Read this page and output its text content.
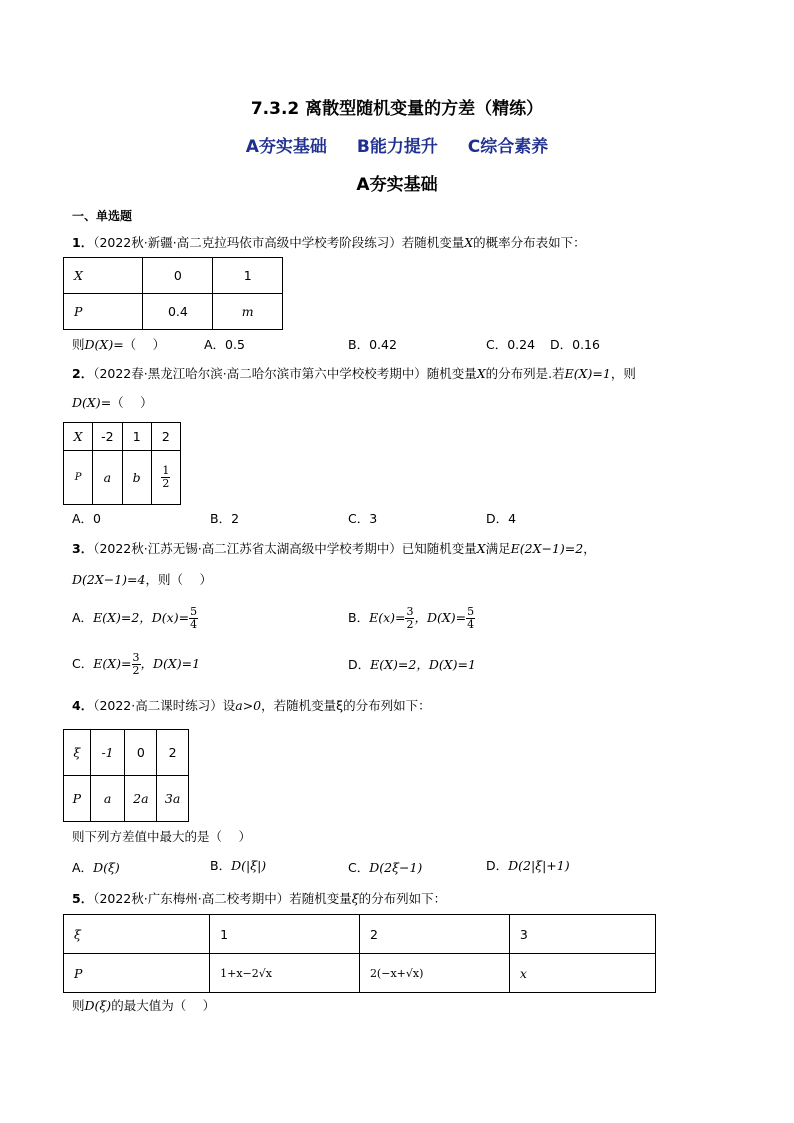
7.3.2 离散型随机变量的方差（精练）
A夯实基础 B能力提升 C综合素养
A夯实基础
一、单选题
1．（2022秋·新疆·高二克拉玛依市高级中学校考阶段练习）若随机变量X的概率分布表如下：
X	0	1
P	0.4	m
则D(X)=（　 ）	A．0.5	B．0.42	C．0.24 D．0.16
2．（2022春·黑龙江哈尔滨·高二哈尔滨市第六中学校校考期中）随机变量X的分布列是.若E(X)=1，则
D(X)=（　 ）
X	-2	1	2
P	a	b	$\frac{1}{2}$
A．0	B．2	C．3	D．4
3．（2022秋·江苏无锡·高二江苏省太湖高级中学校考期中）已知随机变量X满足E(2X−1)=2，
D(2X−1)=4，则（　 ）
A．E(X)=2，$D(x)= \frac{5}{4}$	B．$E(x)= \frac{3}{2}$ ，$D(X)= \frac{5}{4}$
C．$E(X)= \frac{3}{2}$ ，D(X)=1	D．E(X)=2，D(X)=1
4．（2022·高二课时练习）设a>0，若随机变量ξ的分布列如下：
ξ	-1	0	2
P	a	2a	3a
则下列方差值中最大的是（　 ）
A．D(ξ)	B．D(|ξ|)	C．D(2ξ−1)	D．D(2|ξ|+1)
5．（2022秋·广东梅州·高二校考期中）若随机变量ξ的分布列如下：
ξ	1	2	3
P	1+x−2√x	2(−x+√x)	x
则D(ξ)的最大值为（　 ）
